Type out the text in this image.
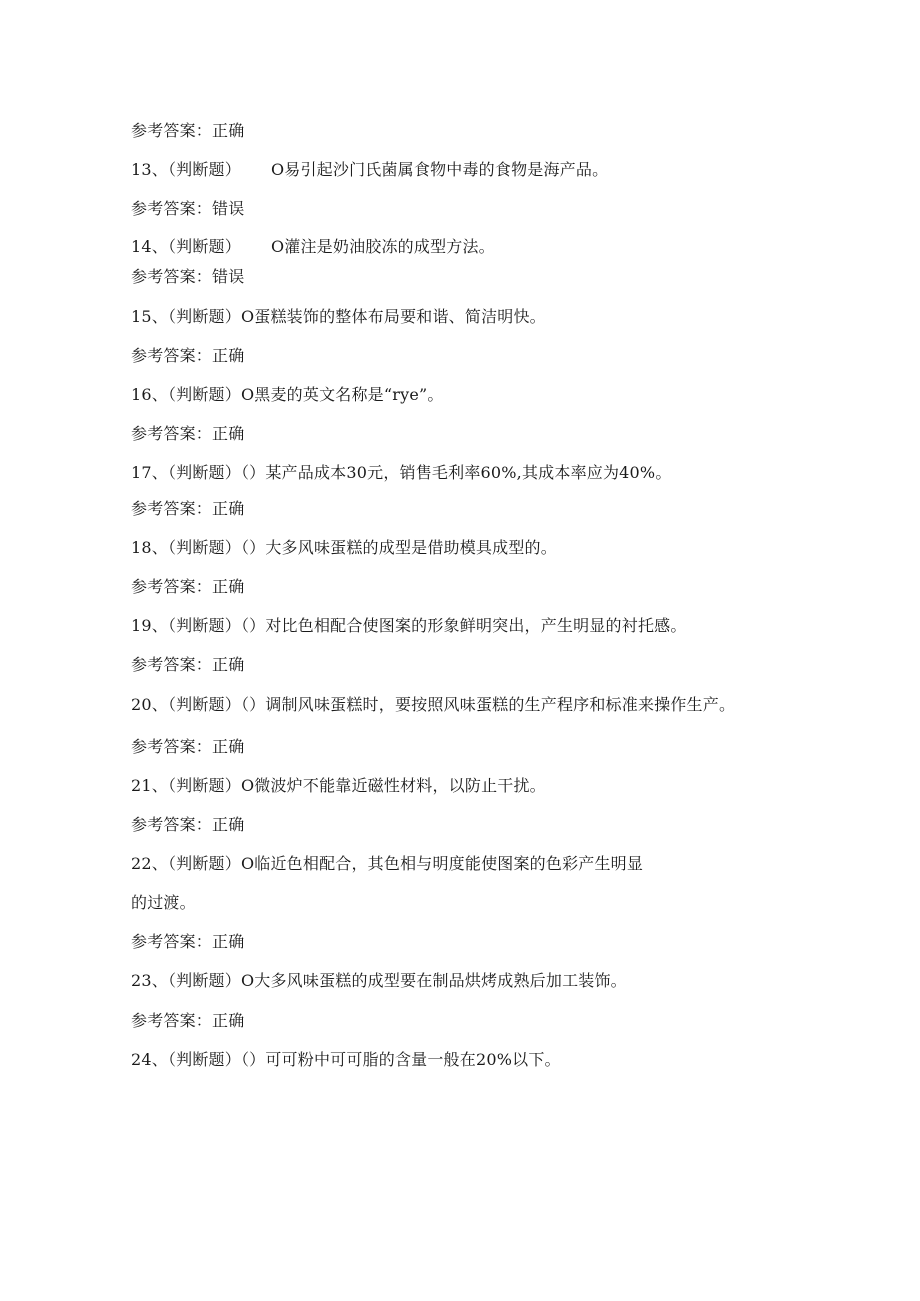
参考答案：正确
13、（判断题） O易引起沙门氏菌属食物中毒的食物是海产品。
参考答案：错误
14、（判断题） O灌注是奶油胶冻的成型方法。
参考答案：错误
15、（判断题）O蛋糕装饰的整体布局要和谐、简洁明快。
参考答案：正确
16、（判断题）O黑麦的英文名称是“rye”。
参考答案：正确
17、（判断题）（）某产品成本30元，销售毛利率60%,其成本率应为40%。
参考答案：正确
18、（判断题）（）大多风味蛋糕的成型是借助模具成型的。
参考答案：正确
19、（判断题）（）对比色相配合使图案的形象鲜明突出，产生明显的衬托感。
参考答案：正确
20、（判断题）（）调制风味蛋糕时，要按照风味蛋糕的生产程序和标准来操作生产。
参考答案：正确
21、（判断题）O微波炉不能靠近磁性材料，以防止干扰。
参考答案：正确
22、（判断题）O临近色相配合，其色相与明度能使图案的色彩产生明显
的过渡。
参考答案：正确
23、（判断题）O大多风味蛋糕的成型要在制品烘烤成熟后加工装饰。
参考答案：正确
24、（判断题）（）可可粉中可可脂的含量一般在20%以下。
